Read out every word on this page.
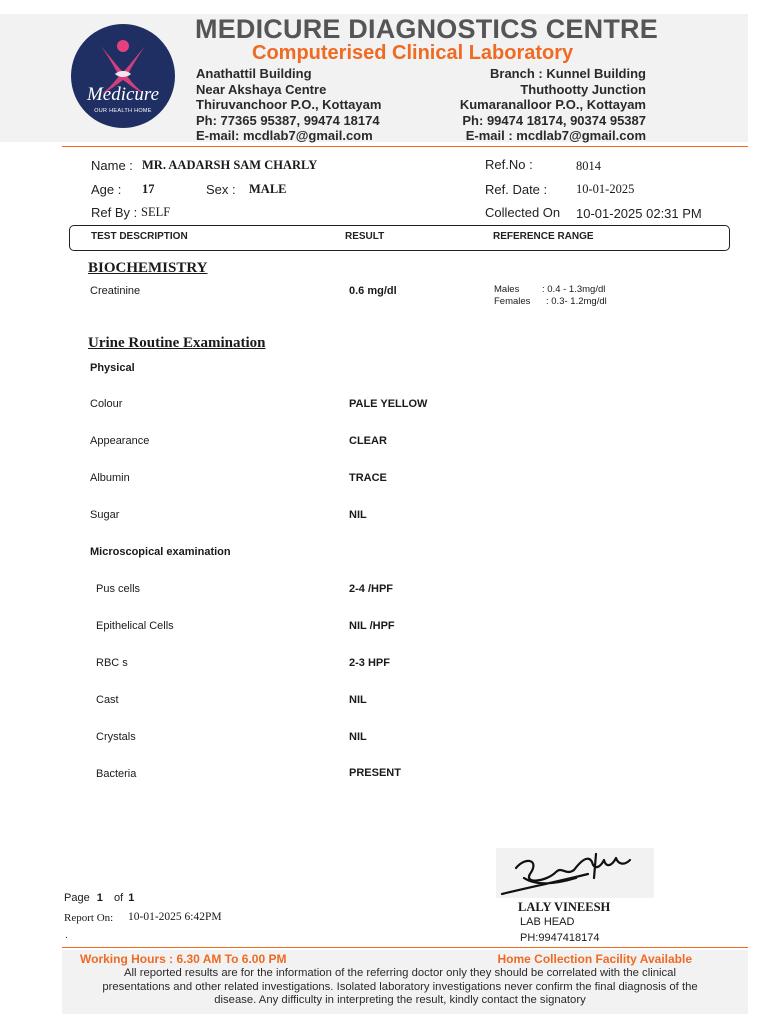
Medicure
OUR HEALTH HOME
MEDICURE DIAGNOSTICS CENTRE
Computerised Clinical Laboratory
Anathattil Building
Near Akshaya Centre
Thiruvanchoor P.O., Kottayam
Ph: 77365 95387, 99474 18174
E-mail: mcdlab7@gmail.com
Branch : Kunnel Building
Thuthootty Junction
Kumaranalloor P.O., Kottayam
Ph: 99474 18174, 90374 95387
E-mail : mcdlab7@gmail.com
Name : MR. AADARSH SAM CHARLY
Age : 17	Sex : MALE
Ref By : SELF
Ref.No :	8014
Ref. Date : 10-01-2025
Collected On 10-01-2025 02:31 PM
TEST DESCRIPTION	RESULT	REFERENCE RANGE
BIOCHEMISTRY
Creatinine	0.6 mg/dl	Males : 0.4 - 1.3mg/dl
Females : 0.3- 1.2mg/dl
Urine Routine Examination
Physical
Colour	PALE YELLOW
Appearance	CLEAR
Albumin	TRACE
Sugar	NIL
Microscopical examination
Pus cells	2-4 /HPF
Epithelical Cells	NIL /HPF
RBC s	2-3 HPF
Cast	NIL
Crystals	NIL
Bacteria	PRESENT
Page 1 of 1
Report On: 10-01-2025 6:42PM
.
LALY VINEESH
LAB HEAD
PH:9947418174
Working Hours : 6.30 AM To 6.00 PM	Home Collection Facility Available
All reported results are for the information of the referring doctor only they should be correlated with the clinical presentations and other related investigations. Isolated laboratory investigations never confirm the final diagnosis of the disease. Any difficulty in interpreting the result, kindly contact the signatory
